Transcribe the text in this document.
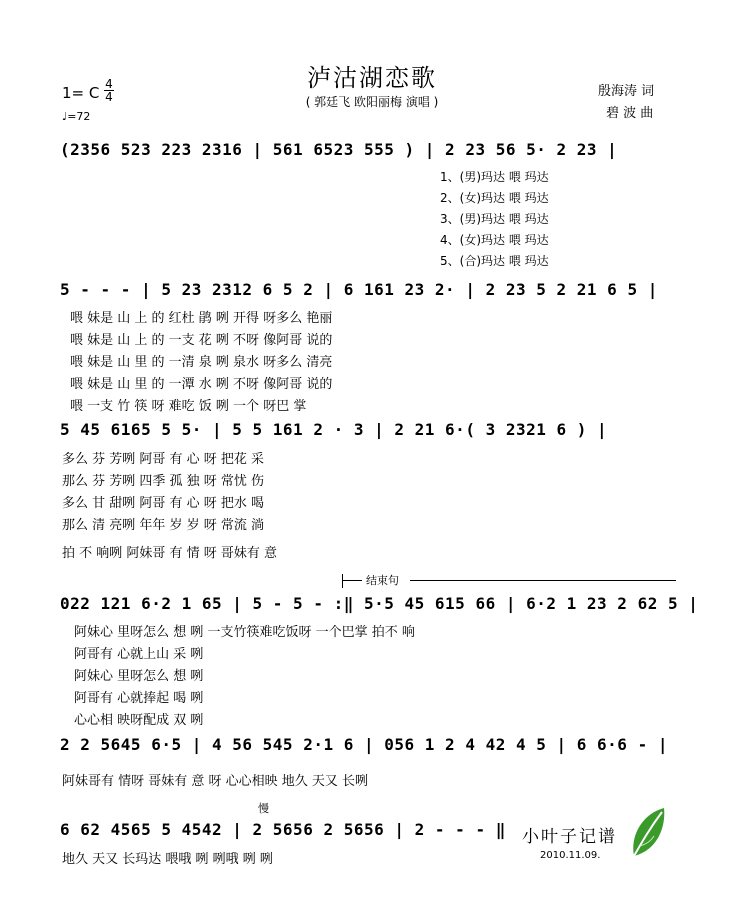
泸沽湖恋歌
( 郭廷飞 欧阳丽梅 演唱 )
1= C 4
4
♩=72
殷海涛 词
碧 波 曲
(2356 523 223 2316 | 561 6523 555 ) | 2 23 56 5· 2 23 |
1、(男)玛达 喂 玛达
2、(女)玛达 喂 玛达
3、(男)玛达 喂 玛达
4、(女)玛达 喂 玛达
5、(合)玛达 喂 玛达
5 - - - | 5 23 2312 6 5 2 | 6 161 23 2· | 2 23 5 2 21 6 5 |
喂 妹是 山 上 的 红杜 鹃 咧 开得 呀多么 艳丽
喂 妹是 山 上 的 一支 花 咧 不呀 像阿哥 说的
喂 妹是 山 里 的 一清 泉 咧 泉水 呀多么 清亮
喂 妹是 山 里 的 一潭 水 咧 不呀 像阿哥 说的
喂 一支 竹 筷 呀 难吃 饭 咧 一个 呀巴 掌
5 45 6165 5 5· | 5 5 161 2 · 3 | 2 21 6·( 3 2321 6 ) |
多么 芬 芳咧 阿哥 有 心 呀 把花 采
那么 芬 芳咧 四季 孤 独 呀 常忧 伤
多么 甘 甜咧 阿哥 有 心 呀 把水 喝
那么 清 亮咧 年年 岁 岁 呀 常流 淌
拍 不 响咧 阿妹哥 有 情 呀 哥妹有 意
结束句
022 121 6·2 1 65 | 5 - 5 - :‖ 5·5 45 615 66 | 6·2 1 23 2 62 5 |
阿妹心 里呀怎么 想 咧 一支竹筷难吃饭呀 一个巴掌 拍不 响
阿哥有 心就上山 采 咧
阿妹心 里呀怎么 想 咧
阿哥有 心就捧起 喝 咧
心心相 映呀配成 双 咧
2 2 5645 6·5 | 4 56 545 2·1 6 | 056 1 2 4 42 4 5 | 6 6·6 - |
阿妹哥有 情呀 哥妹有 意 呀 心心相映 地久 天又 长咧
慢
6 62 4565 5 4542 | 2 5656 2 5656 | 2 - - - ‖
地久 天又 长玛达 喂哦 咧 咧哦 咧 咧
小叶子记谱
2010.11.09.
